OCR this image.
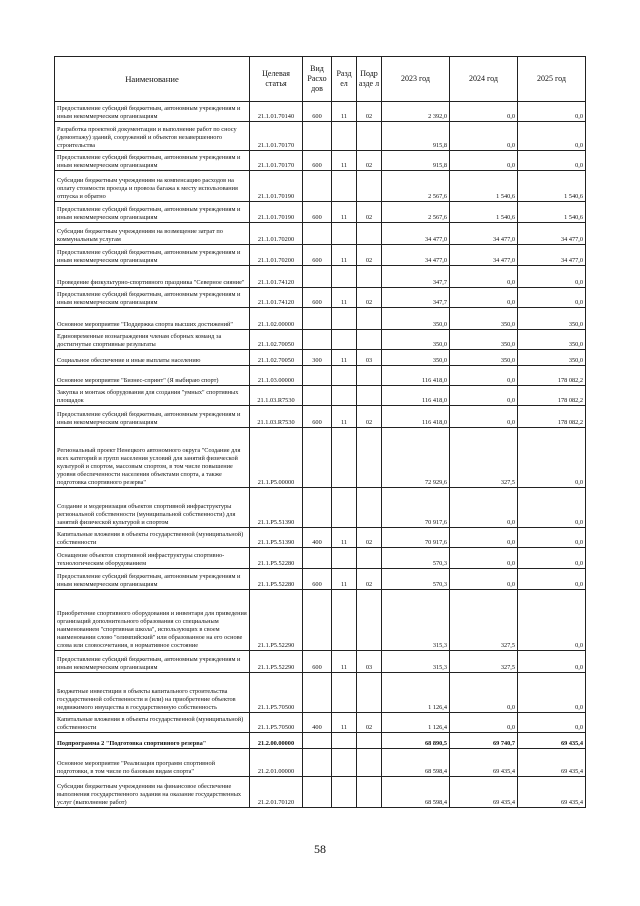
Наименование	Целевая статья	Вид Расхо дов	Разд ел	Подр азде л	2023 год	2024 год	2025 год
Предоставление субсидий бюджетным, автономным учреждениям и иным некоммерческим организациям	21.1.01.70140	600	11	02	2 392,0	0,0	0,0
Разработка проектной документации и выполнение работ по сносу (демонтажу) зданий, сооружений и объектов незавершенного строительства	21.1.01.70170				915,8	0,0	0,0
Предоставление субсидий бюджетным, автономным учреждениям и иным некоммерческим организациям	21.1.01.70170	600	11	02	915,8	0,0	0,0
Субсидии бюджетным учреждениям на компенсацию расходов на оплату стоимости проезда и провоза багажа к месту использования отпуска и обратно	21.1.01.70190				2 567,6	1 540,6	1 540,6
Предоставление субсидий бюджетным, автономным учреждениям и иным некоммерческим организациям	21.1.01.70190	600	11	02	2 567,6	1 540,6	1 540,6
Субсидии бюджетным учреждениям на возмещение затрат по коммунальным услугам	21.1.01.70200				34 477,0	34 477,0	34 477,0
Предоставление субсидий бюджетным, автономным учреждениям и иным некоммерческим организациям	21.1.01.70200	600	11	02	34 477,0	34 477,0	34 477,0
Проведение физкультурно-спортивного праздника "Северное сияние"	21.1.01.74120				347,7	0,0	0,0
Предоставление субсидий бюджетным, автономным учреждениям и иным некоммерческим организациям	21.1.01.74120	600	11	02	347,7	0,0	0,0
Основное мероприятие "Поддержка спорта высших достижений"	21.1.02.00000				350,0	350,0	350,0
Единовременные вознаграждения членам сборных команд за достигнутые спортивные результаты	21.1.02.70050				350,0	350,0	350,0
Социальное обеспечение и иные выплаты населению	21.1.02.70050	300	11	03	350,0	350,0	350,0
Основное мероприятие "Бизнес-спринт" (Я выбираю спорт)	21.1.03.00000				116 418,0	0,0	178 082,2
Закупка и монтаж оборудования для создания "умных" спортивных площадок	21.1.03.R7530				116 418,0	0,0	178 082,2
Предоставление субсидий бюджетным, автономным учреждениям и иным некоммерческим организациям	21.1.03.R7530	600	11	02	116 418,0	0,0	178 082,2
Региональный проект Ненецкого автономного округа "Создание для всех категорий и групп населения условий для занятий физической культурой и спортом, массовым спортом, в том числе повышение уровня обеспеченности населения объектами спорта, а также подготовка спортивного резерва"	21.1.P5.00000				72 929,6	327,5	0,0
Создание и модернизация объектов спортивной инфраструктуры региональной собственности (муниципальной собственности) для занятий физической культурой и спортом	21.1.P5.51390				70 917,6	0,0	0,0
Капитальные вложения в объекты государственной (муниципальной) собственности	21.1.P5.51390	400	11	02	70 917,6	0,0	0,0
Оснащение объектов спортивной инфраструктуры спортивно-технологическим оборудованием	21.1.P5.52280				570,3	0,0	0,0
Предоставление субсидий бюджетным, автономным учреждениям и иным некоммерческим организациям	21.1.P5.52280	600	11	02	570,3	0,0	0,0
Приобретение спортивного оборудования и инвентаря для приведения организаций дополнительного образования со специальным наименованием "спортивная школа", использующих в своем наименовании слово "олимпийский" или образованное на его основе слова или словосочетания, в нормативное состояние	21.1.P5.52290				315,3	327,5	0,0
Предоставление субсидий бюджетным, автономным учреждениям и иным некоммерческим организациям	21.1.P5.52290	600	11	03	315,3	327,5	0,0
Бюджетные инвестиции в объекты капитального строительства государственной собственности и (или) на приобретение объектов недвижимого имущества в государственную собственность	21.1.P5.70500				1 126,4	0,0	0,0
Капитальные вложения в объекты государственной (муниципальной) собственности	21.1.P5.70500	400	11	02	1 126,4	0,0	0,0
Подпрограмма 2 "Подготовка спортивного резерва"	21.2.00.00000				68 890,5	69 740,7	69 435,4
Основное мероприятие "Реализация программ спортивной подготовки, в том числе по базовым видам спорта"	21.2.01.00000				68 598,4	69 435,4	69 435,4
Субсидии бюджетным учреждениям на финансовое обеспечение выполнения государственного задания на оказание государственных услуг (выполнение работ)	21.2.01.70120				68 598,4	69 435,4	69 435,4
58
